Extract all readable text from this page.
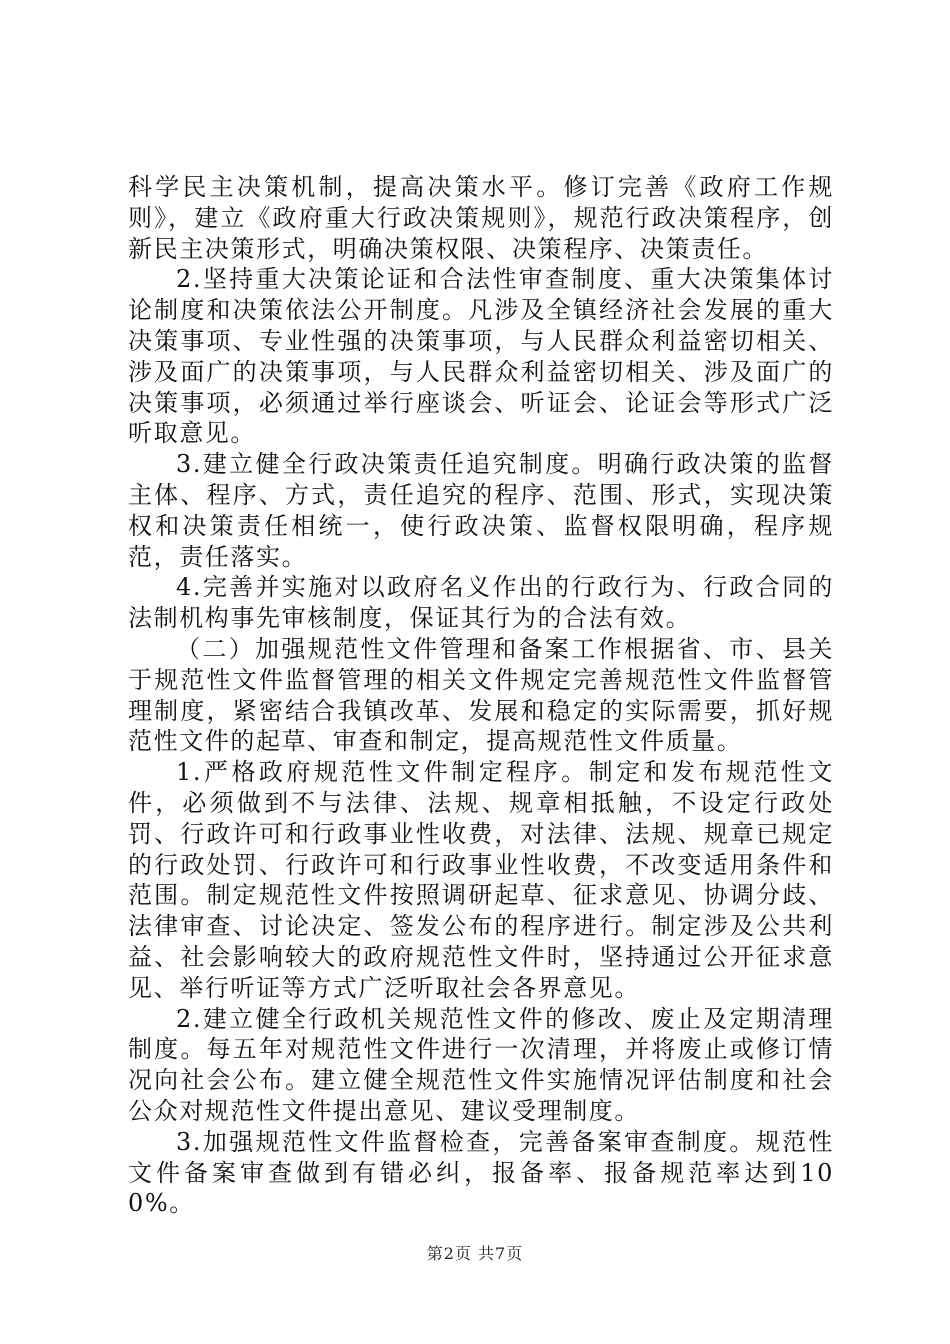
科学民主决策机制，提高决策水平。修订完善《政府工作规则》，建立《政府重大行政决策规则》，规范行政决策程序，创新民主决策形式，明确决策权限、决策程序、决策责任。

2.坚持重大决策论证和合法性审查制度、重大决策集体讨论制度和决策依法公开制度。凡涉及全镇经济社会发展的重大决策事项、专业性强的决策事项，与人民群众利益密切相关、涉及面广的决策事项，与人民群众利益密切相关、涉及面广的决策事项，必须通过举行座谈会、听证会、论证会等形式广泛听取意见。

3.建立健全行政决策责任追究制度。明确行政决策的监督主体、程序、方式，责任追究的程序、范围、形式，实现决策权和决策责任相统一，使行政决策、监督权限明确，程序规范，责任落实。

4.完善并实施对以政府名义作出的行政行为、行政合同的法制机构事先审核制度，保证其行为的合法有效。

（二）加强规范性文件管理和备案工作根据省、市、县关于规范性文件监督管理的相关文件规定完善规范性文件监督管理制度，紧密结合我镇改革、发展和稳定的实际需要，抓好规范性文件的起草、审查和制定，提高规范性文件质量。

1.严格政府规范性文件制定程序。制定和发布规范性文件，必须做到不与法律、法规、规章相抵触，不设定行政处罚、行政许可和行政事业性收费，对法律、法规、规章已规定的行政处罚、行政许可和行政事业性收费，不改变适用条件和范围。制定规范性文件按照调研起草、征求意见、协调分歧、法律审查、讨论决定、签发公布的程序进行。制定涉及公共利益、社会影响较大的政府规范性文件时，坚持通过公开征求意见、举行听证等方式广泛听取社会各界意见。

2.建立健全行政机关规范性文件的修改、废止及定期清理制度。每五年对规范性文件进行一次清理，并将废止或修订情况向社会公布。建立健全规范性文件实施情况评估制度和社会公众对规范性文件提出意见、建议受理制度。

3.加强规范性文件监督检查，完善备案审查制度。规范性文件备案审查做到有错必纠，报备率、报备规范率达到100%。

第2页 共7页
